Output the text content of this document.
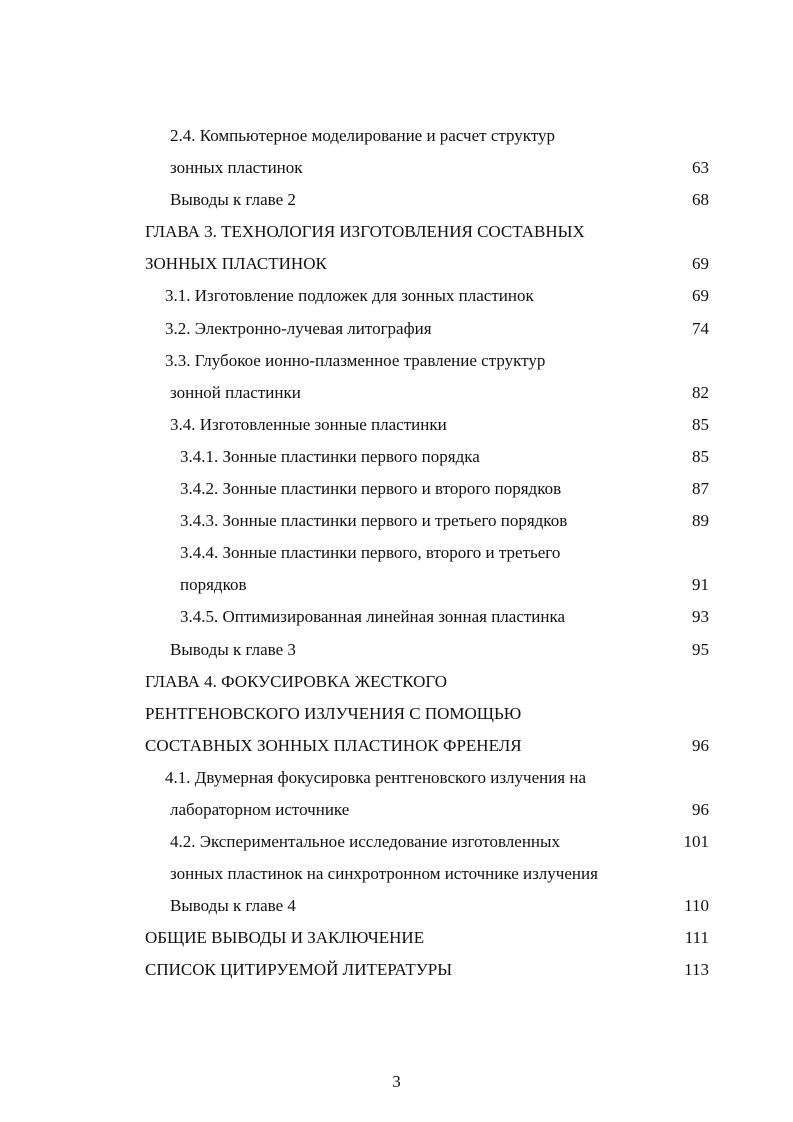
2.4. Компьютерное моделирование и расчет структур
зонных пластинок	63
Выводы к главе 2	68
ГЛАВА 3. ТЕХНОЛОГИЯ ИЗГОТОВЛЕНИЯ СОСТАВНЫХ
ЗОННЫХ ПЛАСТИНОК	69
3.1. Изготовление подложек для зонных пластинок	69
3.2. Электронно-лучевая литография	74
3.3. Глубокое ионно-плазменное травление структур
зонной пластинки	82
3.4. Изготовленные зонные пластинки	85
3.4.1. Зонные пластинки первого порядка	85
3.4.2. Зонные пластинки первого и второго порядков	87
3.4.3. Зонные пластинки первого и третьего порядков	89
3.4.4. Зонные пластинки первого, второго и третьего
порядков	91
3.4.5. Оптимизированная линейная зонная пластинка	93
Выводы к главе 3	95
ГЛАВА 4. ФОКУСИРОВКА ЖЕСТКОГО
РЕНТГЕНОВСКОГО ИЗЛУЧЕНИЯ С ПОМОЩЬЮ
СОСТАВНЫХ ЗОННЫХ ПЛАСТИНОК ФРЕНЕЛЯ	96
4.1. Двумерная фокусировка рентгеновского излучения на
лабораторном источнике	96
4.2. Экспериментальное исследование изготовленных	101
зонных пластинок на синхротронном источнике излучения
Выводы к главе 4	110
ОБЩИЕ ВЫВОДЫ И ЗАКЛЮЧЕНИЕ	111
СПИСОК ЦИТИРУЕМОЙ ЛИТЕРАТУРЫ	113
3
